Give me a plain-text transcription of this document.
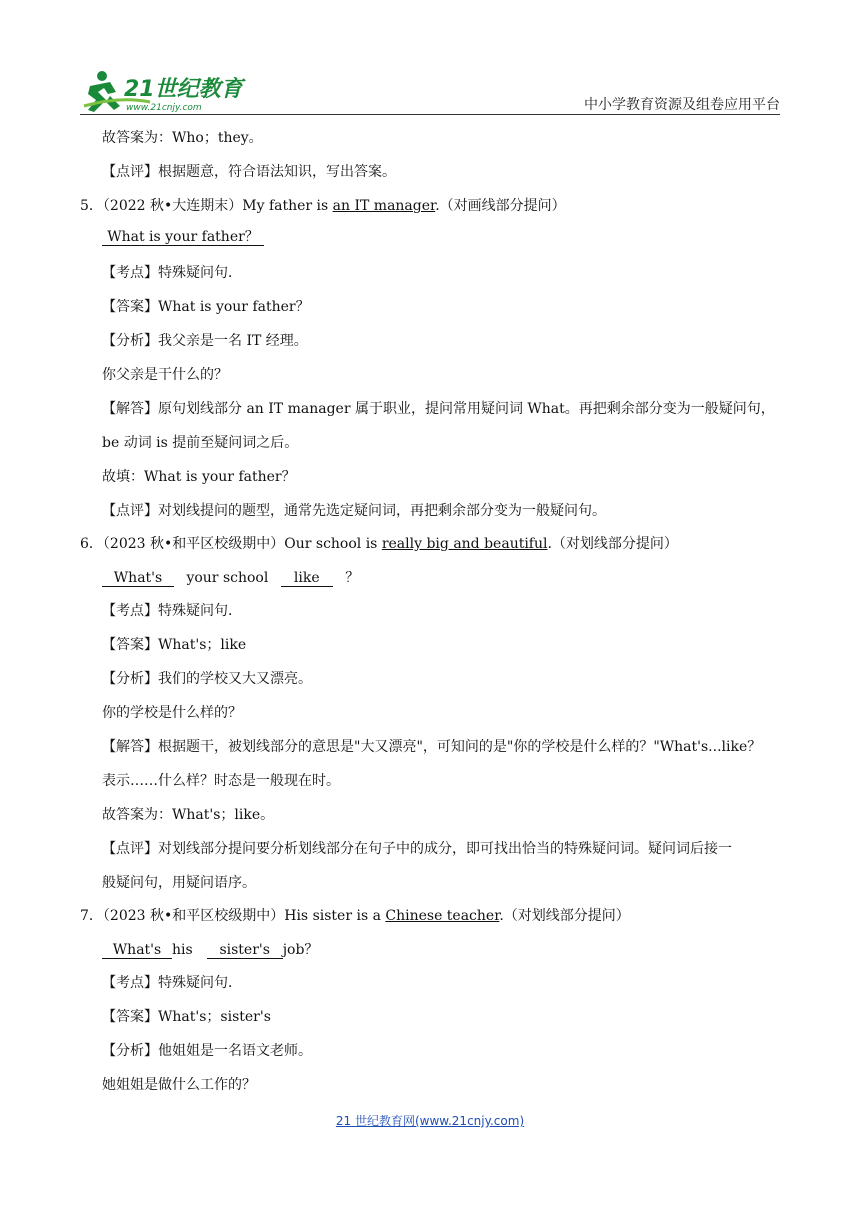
21世纪教育
www.21cnjy.com	中小学教育资源及组卷应用平台
故答案为：Who；they。
【点评】根据题意，符合语法知识，写出答案。
5．（2022 秋•大连期末）My father is an IT manager.（对画线部分提问）
What is your father？
【考点】特殊疑问句．
【答案】What is your father？
【分析】我父亲是一名 IT 经理。
你父亲是干什么的？
【解答】原句划线部分 an IT manager 属于职业，提问常用疑问词 What。再把剩余部分变为一般疑问句，
be 动词 is 提前至疑问词之后。
故填：What is your father？
【点评】对划线提问的题型，通常先选定疑问词，再把剩余部分变为一般疑问句。
6．（2023 秋•和平区校级期中）Our school is really big and beautiful.（对划线部分提问）
What's your school like ？
【考点】特殊疑问句．
【答案】What's；like
【分析】我们的学校又大又漂亮。
你的学校是什么样的？
【解答】根据题干，被划线部分的意思是"大又漂亮"，可知问的是"你的学校是什么样的？"What's...like？
表示……什么样？时态是一般现在时。
故答案为：What's；like。
【点评】对划线部分提问要分析划线部分在句子中的成分，即可找出恰当的特殊疑问词。疑问词后接一
般疑问句，用疑问语序。
7．（2023 秋•和平区校级期中）His sister is a Chinese teacher.（对划线部分提问）
What's his sister's job？
【考点】特殊疑问句．
【答案】What's；sister's
【分析】他姐姐是一名语文老师。
她姐姐是做什么工作的？
21 世纪教育网(www.21cnjy.com)
